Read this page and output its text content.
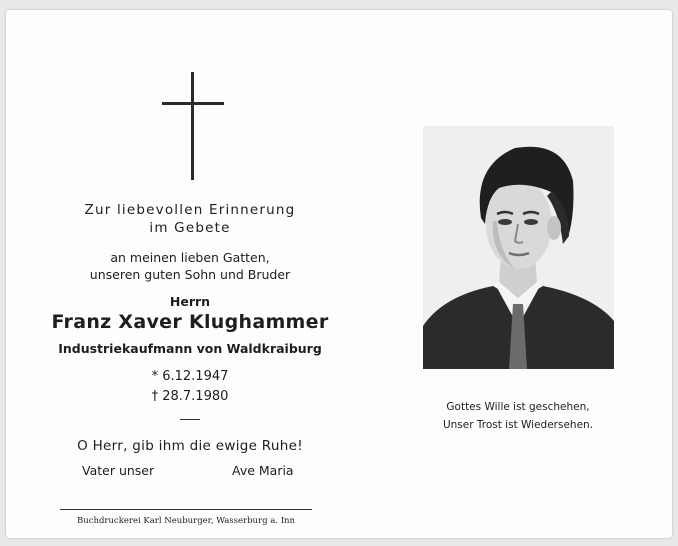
Zur liebevollen Erinnerung
im Gebete
an meinen lieben Gatten,
unseren guten Sohn und Bruder
Herrn
Franz Xaver Klughammer
Industriekaufmann von Waldkraiburg
* 6.12.1947
† 28.7.1980
O Herr, gib ihm die ewige Ruhe!
Vater unser	Ave Maria
Buchdruckerei Karl Neuburger, Wasserburg a. Inn
Gottes Wille ist geschehen,
Unser Trost ist Wiedersehen.
